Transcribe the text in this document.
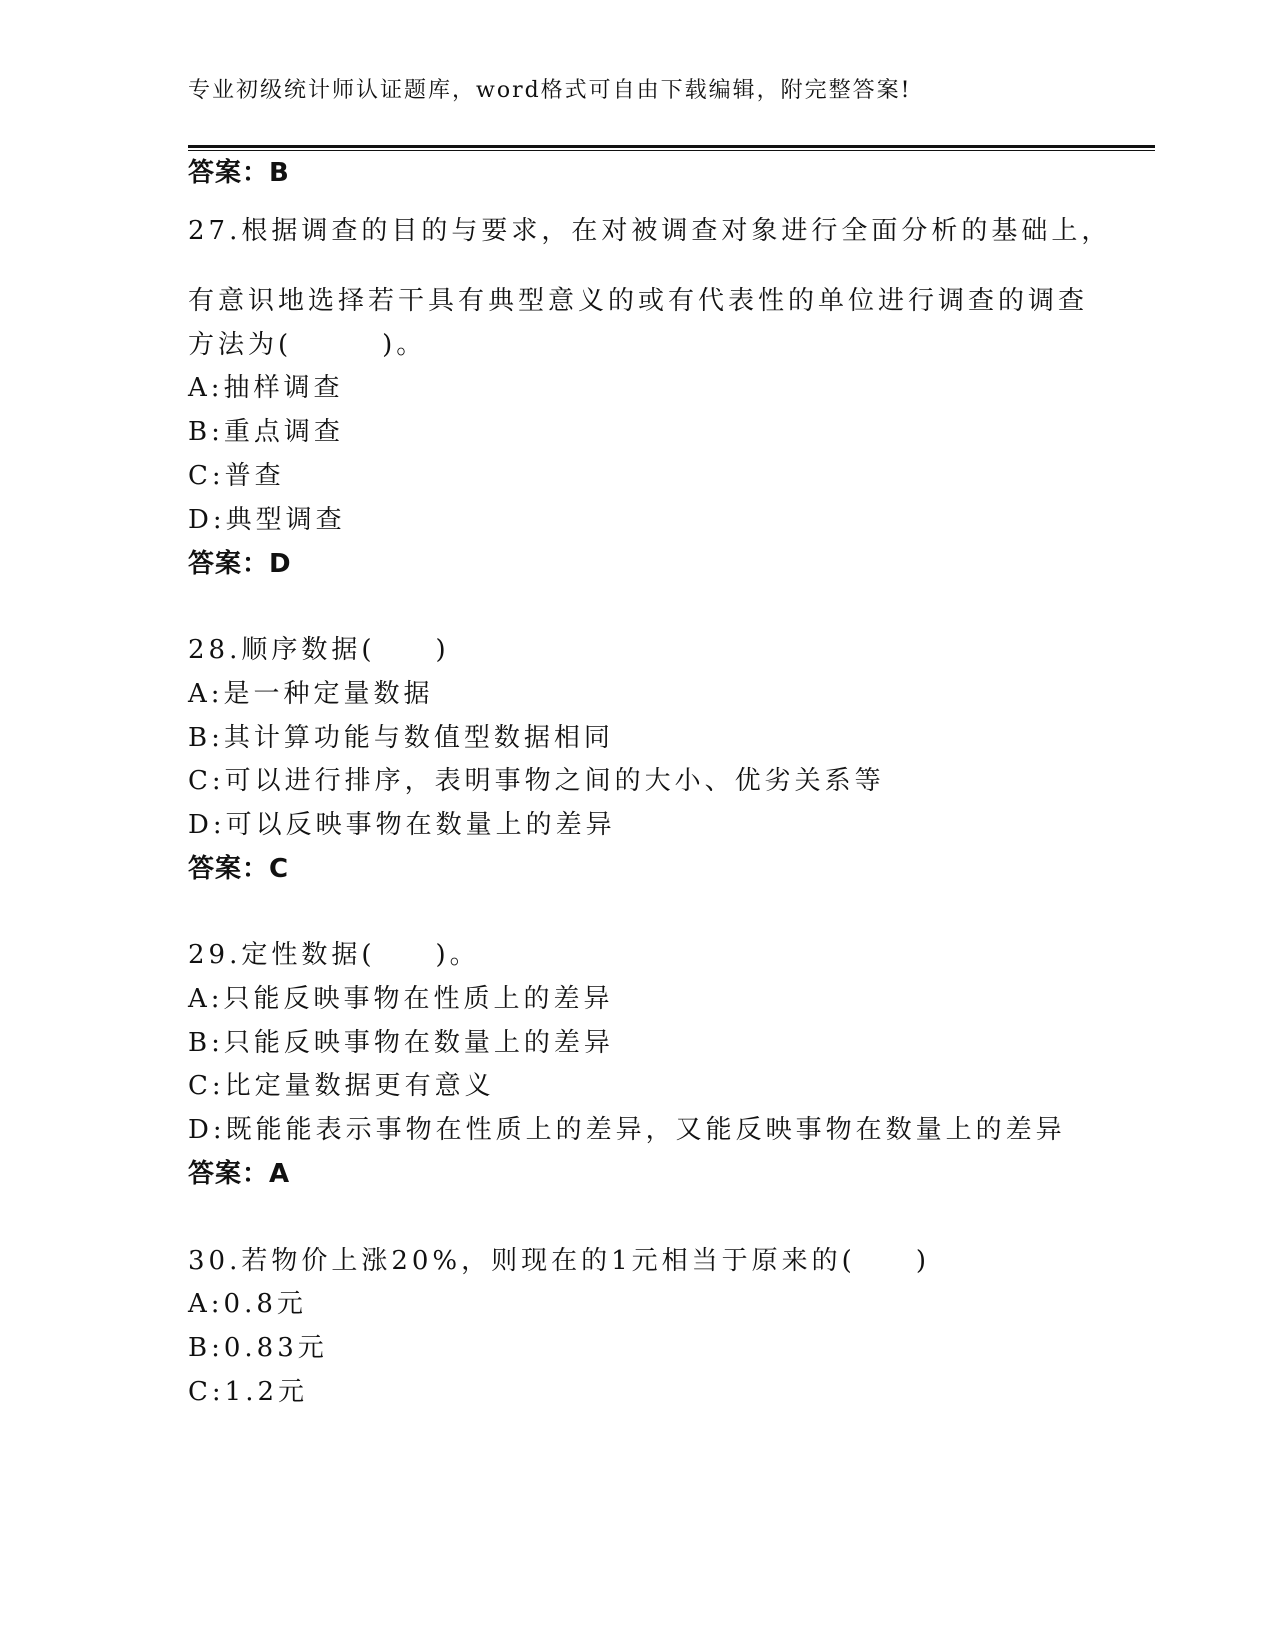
专业初级统计师认证题库，word格式可自由下载编辑，附完整答案!
答案：B
27.根据调查的目的与要求，在对被调查对象进行全面分析的基础上，
有意识地选择若干具有典型意义的或有代表性的单位进行调查的调查
方法为(　　　)。
A:抽样调查
B:重点调查
C:普查
D:典型调查
答案：D
28.顺序数据(　　)
A:是一种定量数据
B:其计算功能与数值型数据相同
C:可以进行排序，表明事物之间的大小、优劣关系等
D:可以反映事物在数量上的差异
答案：C
29.定性数据(　　)。
A:只能反映事物在性质上的差异
B:只能反映事物在数量上的差异
C:比定量数据更有意义
D:既能能表示事物在性质上的差异，又能反映事物在数量上的差异
答案：A
30.若物价上涨20%，则现在的1元相当于原来的(　　)
A:0.8元
B:0.83元
C:1.2元
